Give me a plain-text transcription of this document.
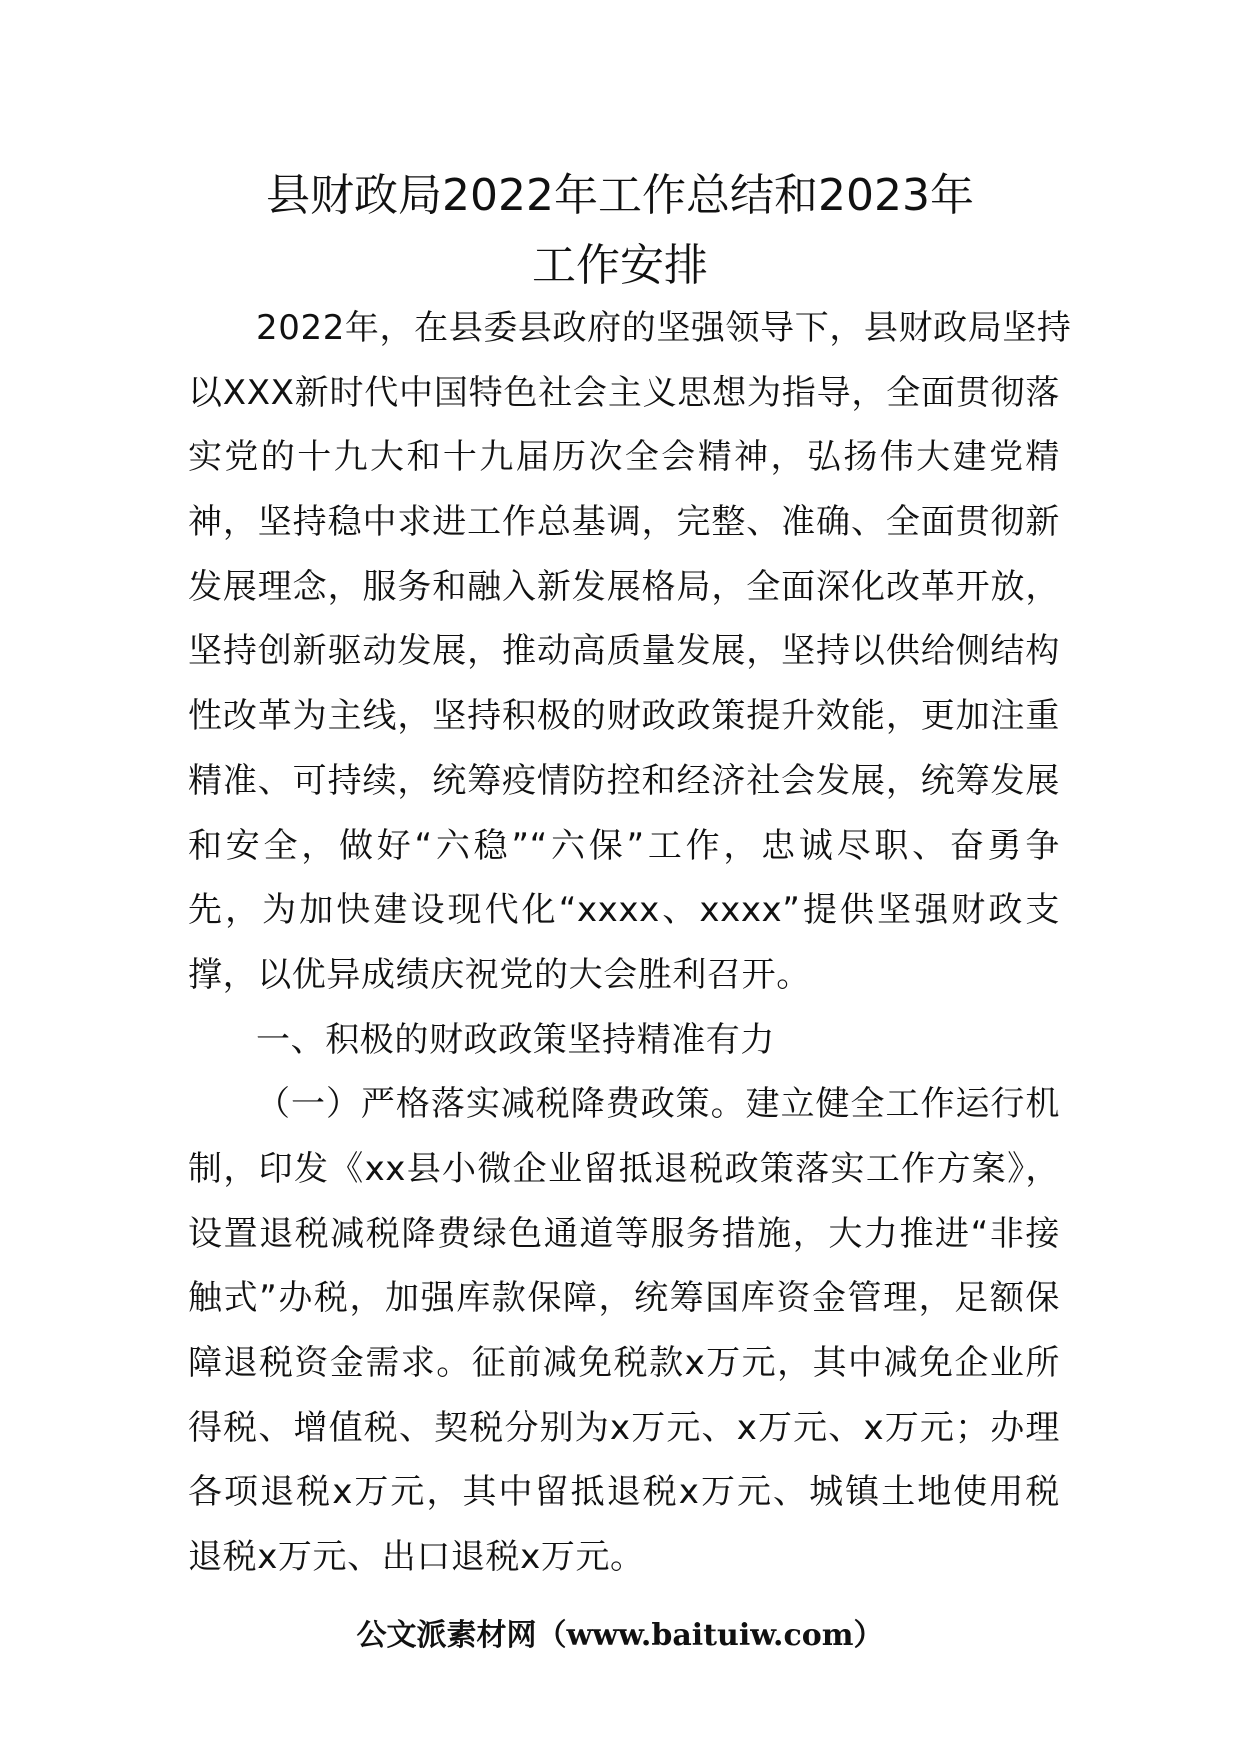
县财政局2022年工作总结和2023年
工作安排
2022年，在县委县政府的坚强领导下，县财政局坚持
以XXX新时代中国特色社会主义思想为指导，全面贯彻落
实党的十九大和十九届历次全会精神，弘扬伟大建党精
神，坚持稳中求进工作总基调，完整、准确、全面贯彻新
发展理念，服务和融入新发展格局，全面深化改革开放，
坚持创新驱动发展，推动高质量发展，坚持以供给侧结构
性改革为主线，坚持积极的财政政策提升效能，更加注重
精准、可持续，统筹疫情防控和经济社会发展，统筹发展
和安全，做好“六稳”“六保”工作，忠诚尽职、奋勇争
先，为加快建设现代化“xxxx、xxxx”提供坚强财政支
撑，以优异成绩庆祝党的大会胜利召开。
一、积极的财政政策坚持精准有力
（一）严格落实减税降费政策。建立健全工作运行机
制，印发《xx县小微企业留抵退税政策落实工作方案》，
设置退税减税降费绿色通道等服务措施，大力推进“非接
触式”办税，加强库款保障，统筹国库资金管理，足额保
障退税资金需求。征前减免税款x万元，其中减免企业所
得税、增值税、契税分别为x万元、x万元、x万元；办理
各项退税x万元，其中留抵退税x万元、城镇土地使用税
退税x万元、出口退税x万元。
公文派素材网（www.baituiw.com）
